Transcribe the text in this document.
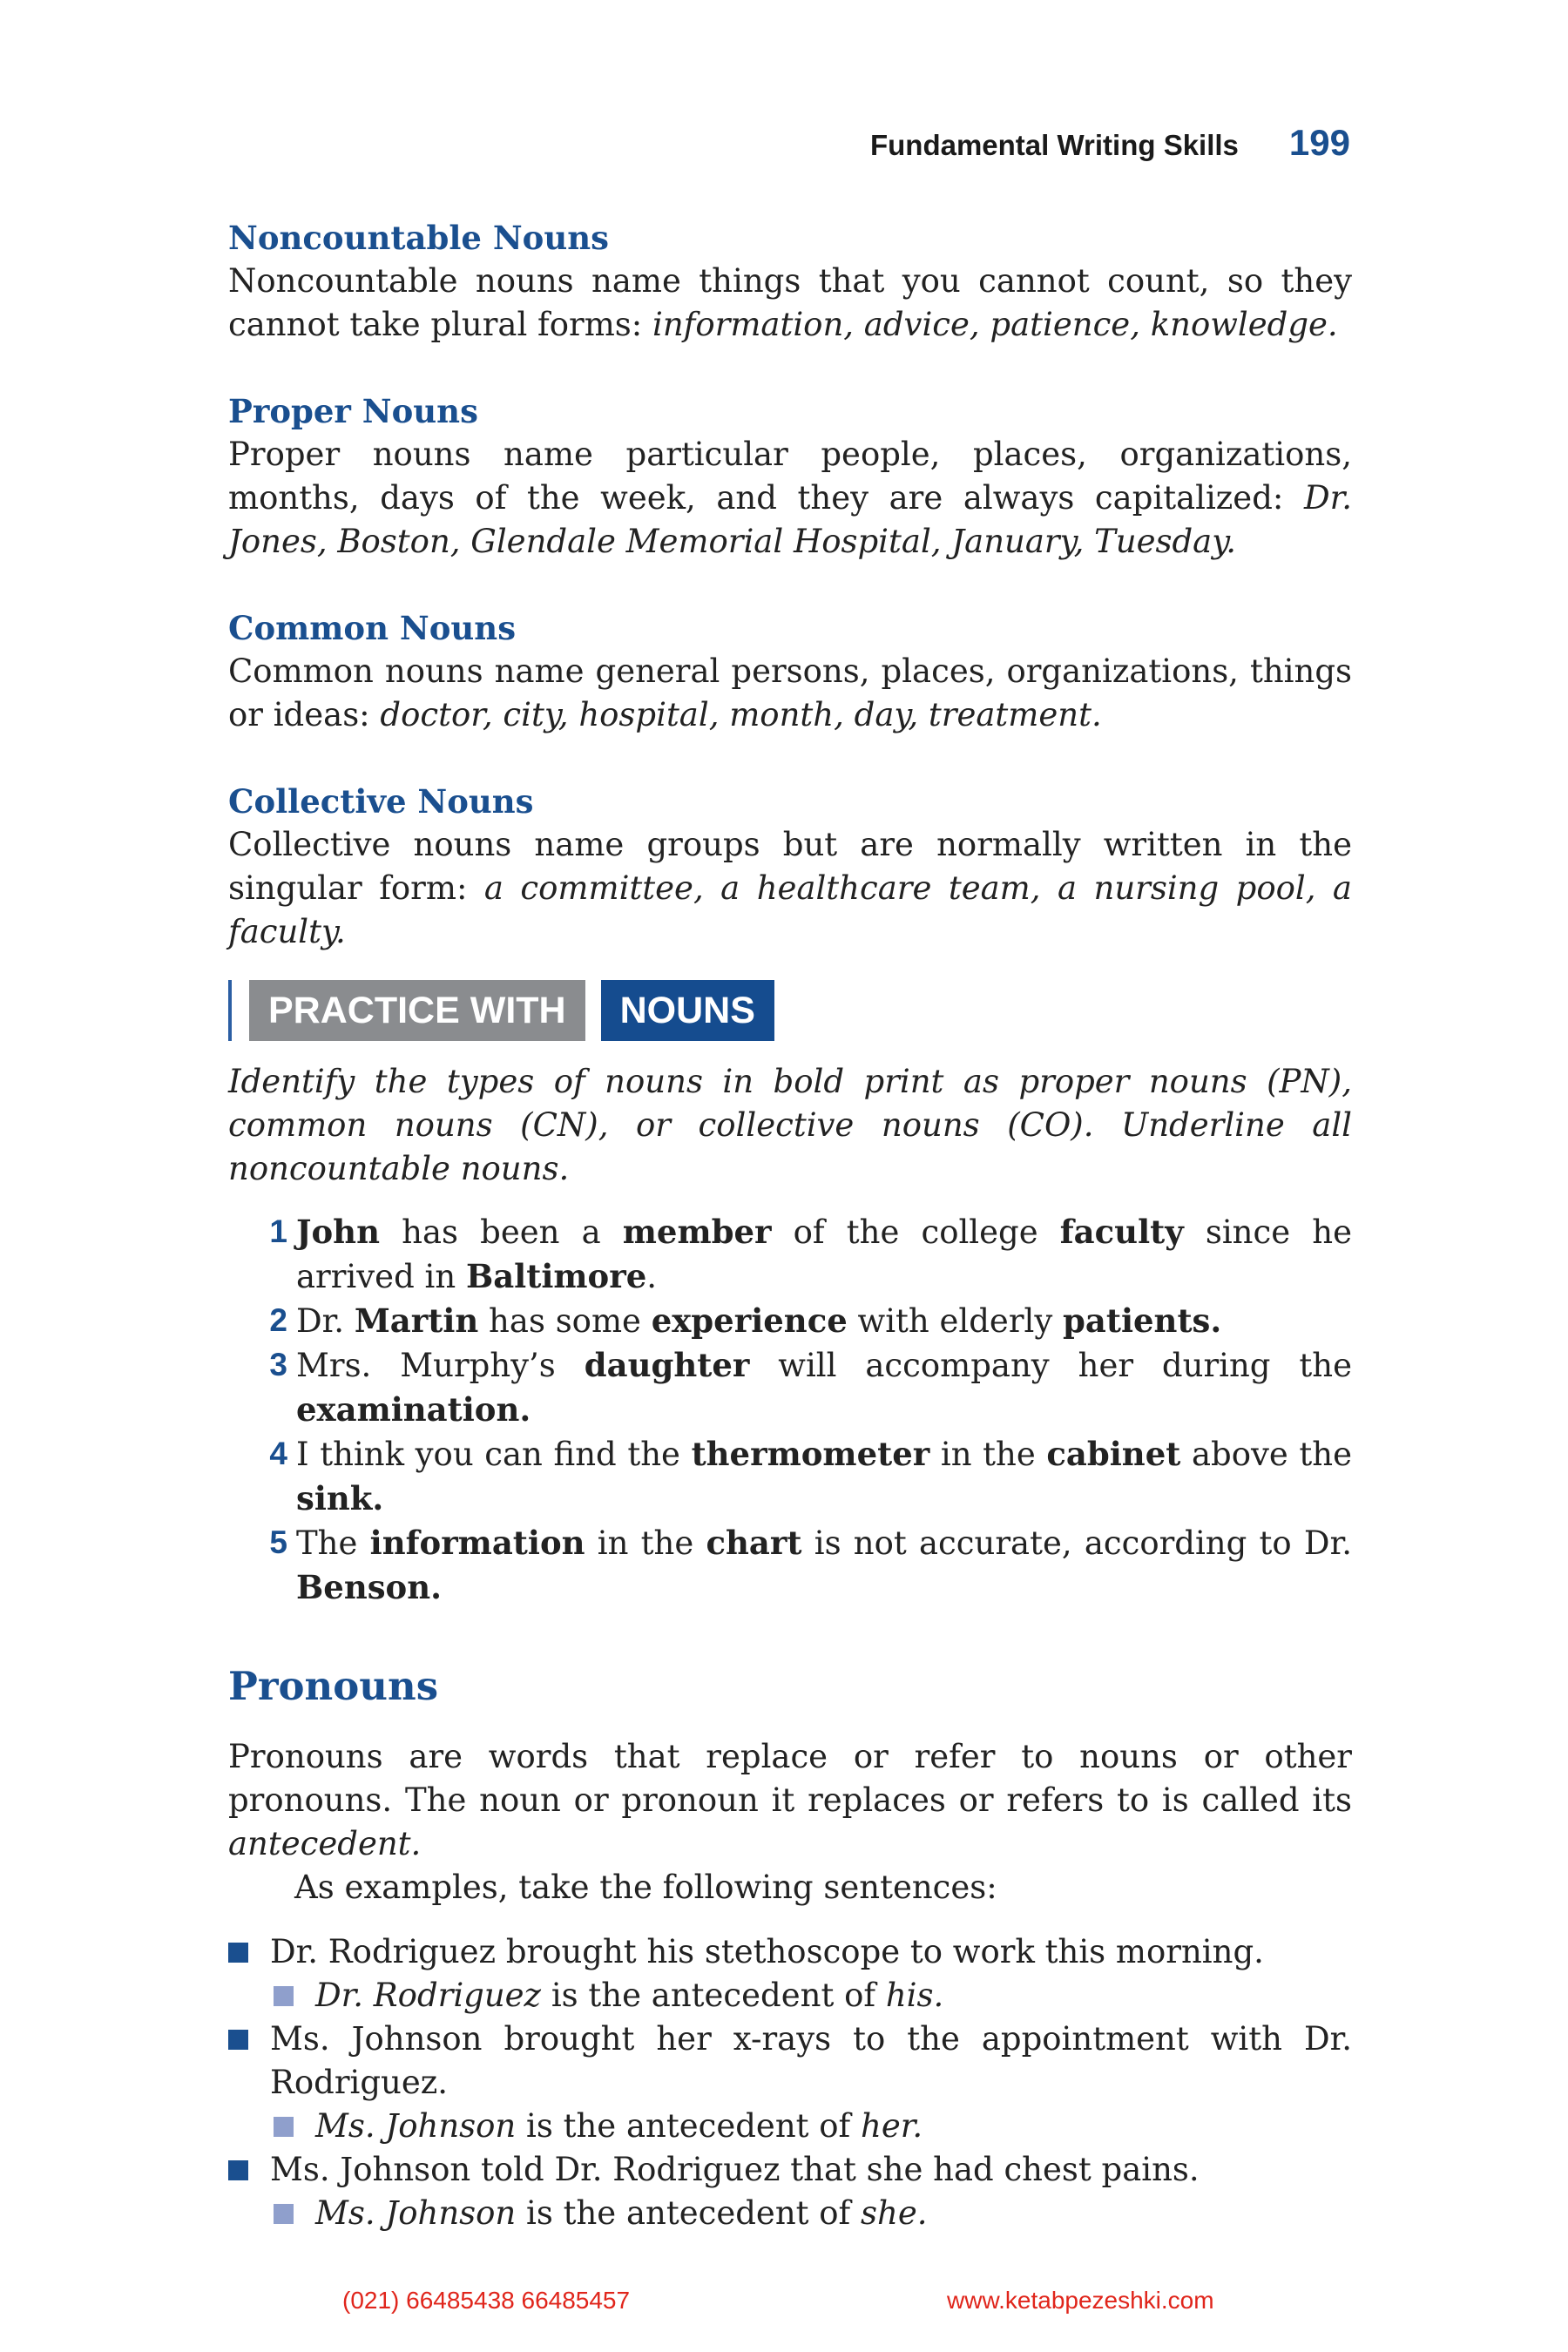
Fundamental Writing Skills 199
Noncountable Nouns

Noncountable nouns name things that you cannot count, so they cannot take plural forms: information, advice, patience, knowledge.

Proper Nouns

Proper nouns name particular people, places, organizations, months, days of the week, and they are always capitalized: Dr. Jones, Boston, Glendale Memorial Hospital, January, Tuesday.

Common Nouns

Common nouns name general persons, places, organizations, things or ideas: doctor, city, hospital, month, day, treatment.

Collective Nouns

Collective nouns name groups but are normally written in the singular form: a committee, a healthcare team, a nursing pool, a faculty.

PRACTICE WITH	NOUNS

Identify the types of nouns in bold print as proper nouns (PN), common nouns (CN), or collective nouns (CO). Underline all noncountable nouns.

1 John has been a member of the college faculty since he arrived in Baltimore.
2 Dr. Martin has some experience with elderly patients.
3 Mrs. Murphy’s daughter will accompany her during the examination.
4 I think you can find the thermometer in the cabinet above the sink.
5 The information in the chart is not accurate, according to Dr. Benson.
Pronouns

Pronouns are words that replace or refer to nouns or other pronouns. The noun or pronoun it replaces or refers to is called its antecedent.

As examples, take the following sentences:

Dr. Rodriguez brought his stethoscope to work this morning.
Dr. Rodriguez is the antecedent of his.
Ms. Johnson brought her x-rays to the appointment with Dr. Rodriguez.
Ms. Johnson is the antecedent of her.
Ms. Johnson told Dr. Rodriguez that she had chest pains.
Ms. Johnson is the antecedent of she.
(021) 66485438 66485457	www.ketabpezeshki.com
